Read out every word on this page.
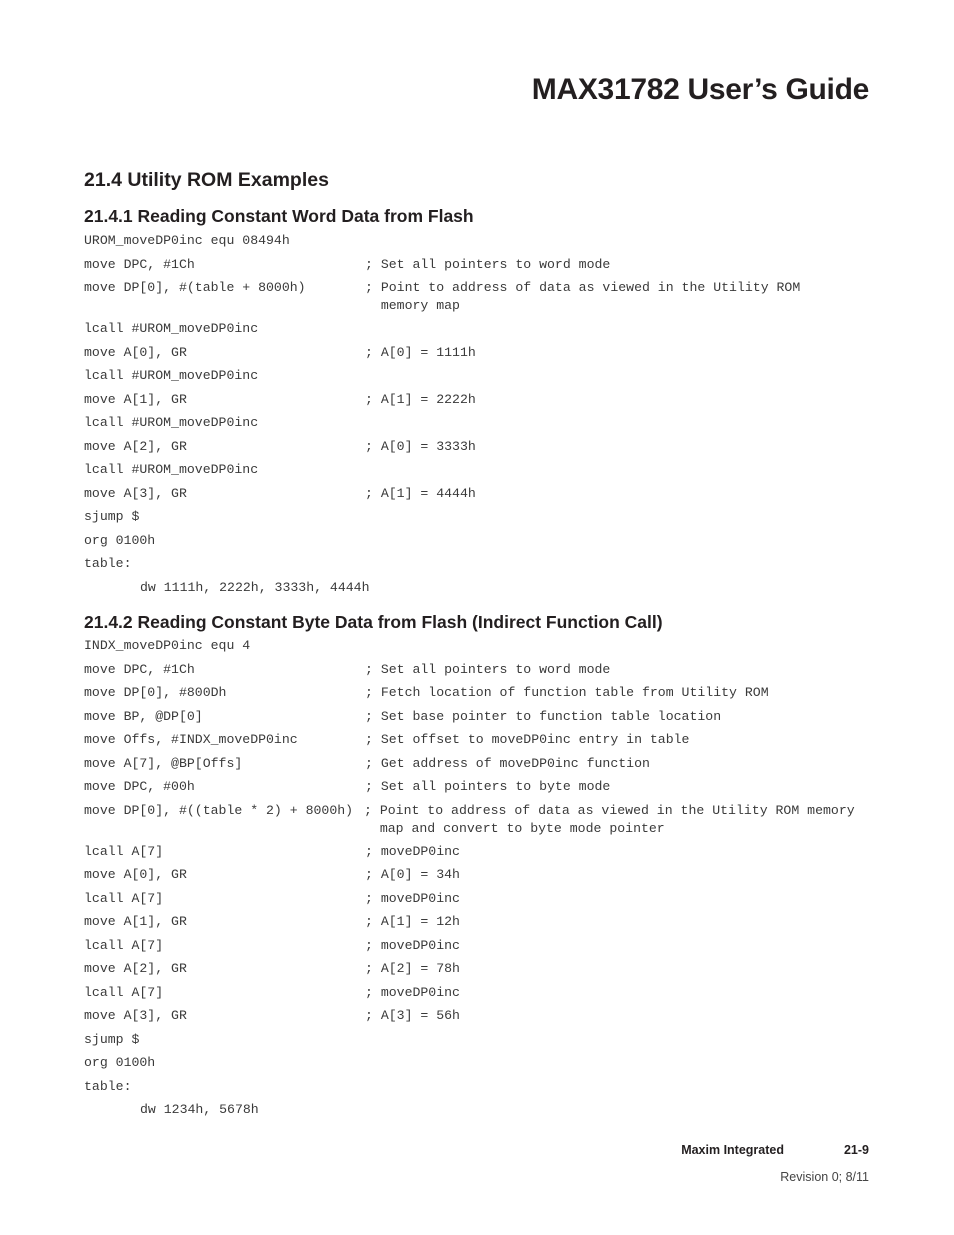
MAX31782 User’s Guide
21.4 Utility ROM Examples
21.4.1 Reading Constant Word Data from Flash
UROM_moveDP0inc equ 08494h
move DPC, #1Ch	; Set all pointers to word mode
move DP[0], #(table + 8000h)	; Point to address of data as viewed in the Utility ROM
memory map
lcall #UROM_moveDP0inc
move A[0], GR	; A[0] = 1111h
lcall #UROM_moveDP0inc
move A[1], GR	; A[1] = 2222h
lcall #UROM_moveDP0inc
move A[2], GR	; A[0] = 3333h
lcall #UROM_moveDP0inc
move A[3], GR	; A[1] = 4444h
sjump $
org 0100h
table:
dw 1111h, 2222h, 3333h, 4444h
21.4.2 Reading Constant Byte Data from Flash (Indirect Function Call)
INDX_moveDP0inc equ 4
move DPC, #1Ch	; Set all pointers to word mode
move DP[0], #800Dh	; Fetch location of function table from Utility ROM
move BP, @DP[0]	; Set base pointer to function table location
move Offs, #INDX_moveDP0inc	; Set offset to moveDP0inc entry in table
move A[7], @BP[Offs]	; Get address of moveDP0inc function
move DPC, #00h	; Set all pointers to byte mode
move DP[0], #((table * 2) + 8000h) ; Point to address of data as viewed in the Utility ROM memory
map and convert to byte mode pointer
lcall A[7]	; moveDP0inc
move A[0], GR	; A[0] = 34h
lcall A[7]	; moveDP0inc
move A[1], GR	; A[1] = 12h
lcall A[7]	; moveDP0inc
move A[2], GR	; A[2] = 78h
lcall A[7]	; moveDP0inc
move A[3], GR	; A[3] = 56h
sjump $
org 0100h
table:
dw 1234h, 5678h

Maxim Integrated	21-9

Revision 0; 8/11
